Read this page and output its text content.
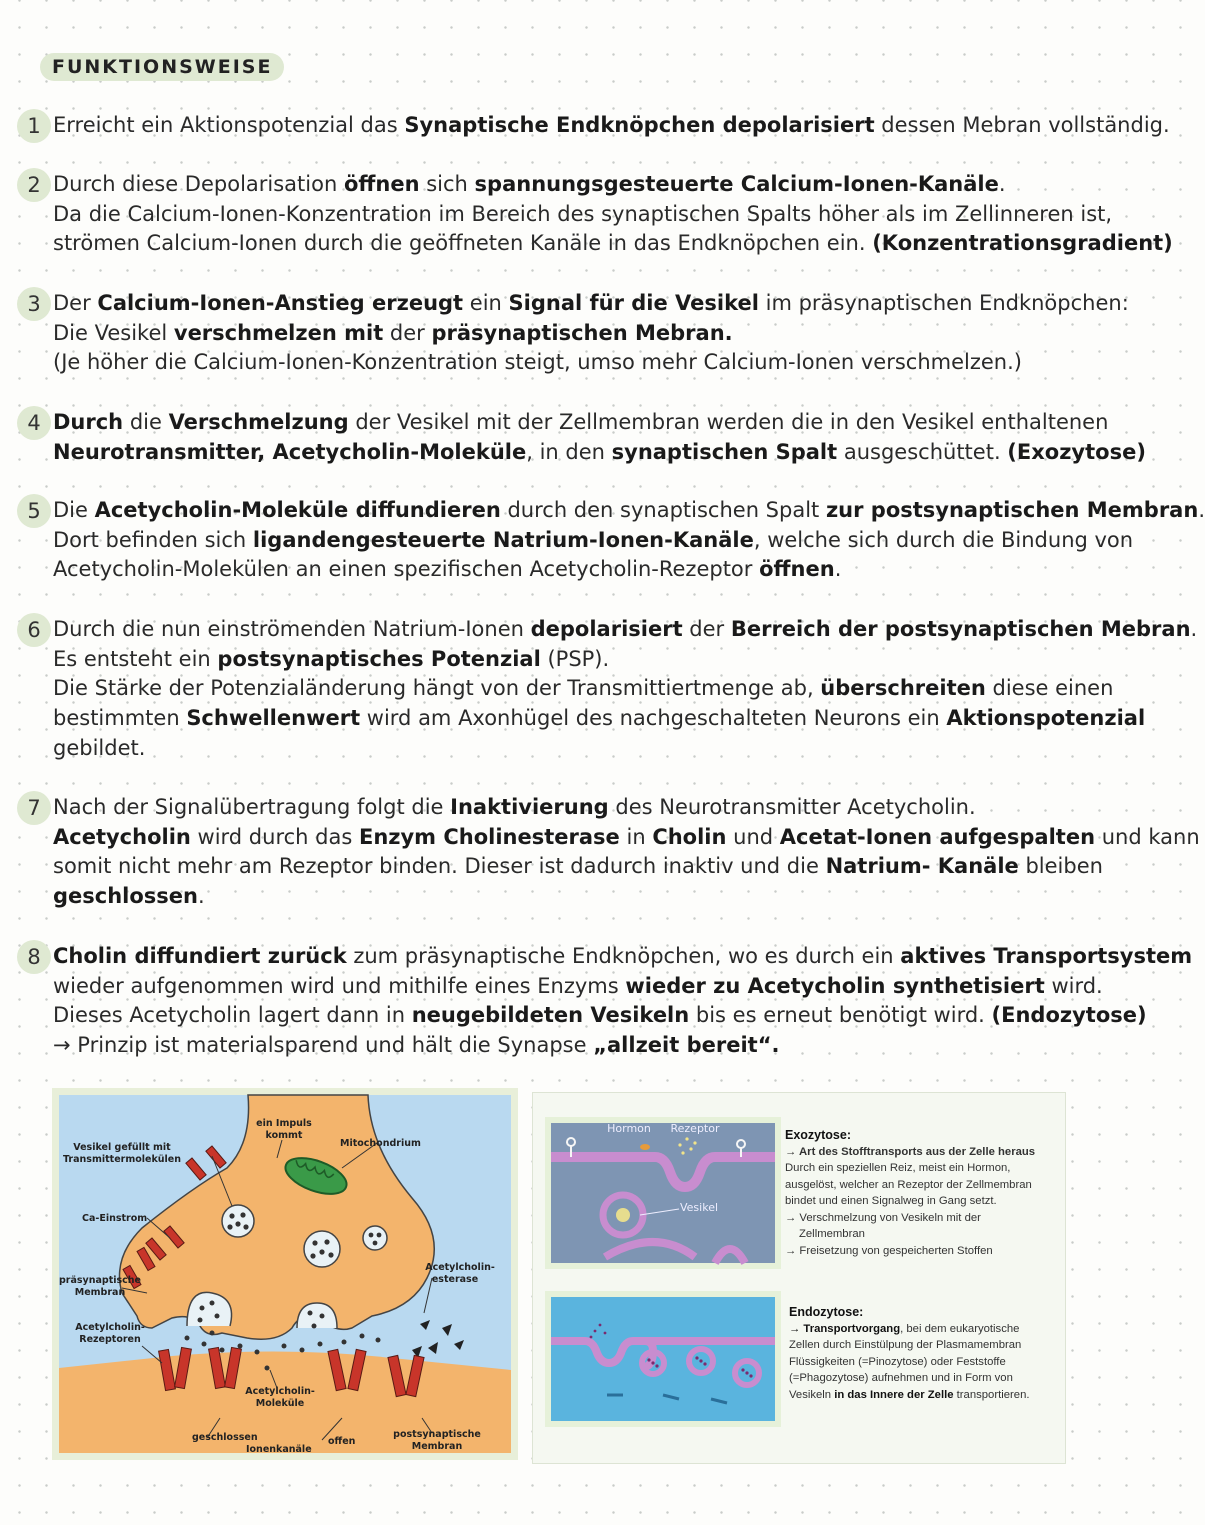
FUNKTIONSWEISE
1 Erreicht ein Aktionspotenzial das Synaptische Endknöpchen depolarisiert dessen Mebran vollständig.
2 Durch diese Depolarisation öffnen sich spannungsgesteuerte Calcium-Ionen-Kanäle.
Da die Calcium-Ionen-Konzentration im Bereich des synaptischen Spalts höher als im Zellinneren ist,
strömen Calcium-Ionen durch die geöffneten Kanäle in das Endknöpchen ein. (Konzentrationsgradient)
3 Der Calcium-Ionen-Anstieg erzeugt ein Signal für die Vesikel im präsynaptischen Endknöpchen:
Die Vesikel verschmelzen mit der präsynaptischen Mebran.
(Je höher die Calcium-Ionen-Konzentration steigt, umso mehr Calcium-Ionen verschmelzen.)
4 Durch die Verschmelzung der Vesikel mit der Zellmembran werden die in den Vesikel enthaltenen
Neurotransmitter, Acetycholin-Moleküle, in den synaptischen Spalt ausgeschüttet. (Exozytose)
5 Die Acetycholin-Moleküle diffundieren durch den synaptischen Spalt zur postsynaptischen Membran.
Dort befinden sich ligandengesteuerte Natrium-Ionen-Kanäle, welche sich durch die Bindung von
Acetycholin-Molekülen an einen spezifischen Acetycholin-Rezeptor öffnen.
6 Durch die nun einströmenden Natrium-Ionen depolarisiert der Berreich der postsynaptischen Mebran.
Es entsteht ein postsynaptisches Potenzial (PSP).
Die Stärke der Potenzialänderung hängt von der Transmittiertmenge ab, überschreiten diese einen
bestimmten Schwellenwert wird am Axonhügel des nachgeschalteten Neurons ein Aktionspotenzial
gebildet.
7 Nach der Signalübertragung folgt die Inaktivierung des Neurotransmitter Acetycholin.
Acetycholin wird durch das Enzym Cholinesterase in Cholin und Acetat-Ionen aufgespalten und kann
somit nicht mehr am Rezeptor binden. Dieser ist dadurch inaktiv und die Natrium- Kanäle bleiben
geschlossen.
8 Cholin diffundiert zurück zum präsynaptische Endknöpchen, wo es durch ein aktives Transportsystem
wieder aufgenommen wird und mithilfe eines Enzyms wieder zu Acetycholin synthetisiert wird.
Dieses Acetycholin lagert dann in neugebildeten Vesikeln bis es erneut benötigt wird. (Endozytose)
→ Prinzip ist materialsparend und hält die Synapse „allzeit bereit“.
ein Impuls kommt
Vesikel gefüllt mit Transmittermolekülen
Mitochondrium
Ca-Einstrom
präsynaptische Membran
Acetylcholin-esterase
Acetylcholin-Rezeptoren
Acetylcholin-Moleküle
geschlossen
Ionenkanäle
offen
postsynaptische Membran
Hormon Rezeptor
Vesikel
Exozytose:
→ Art des Stofftransports aus der Zelle heraus
Durch ein speziellen Reiz, meist ein Hormon,
ausgelöst, welcher an Rezeptor der Zellmembran
bindet und einen Signalweg in Gang setzt.
→ Verschmelzung von Vesikeln mit der
Zellmembran
→ Freisetzung von gespeicherten Stoffen
Endozytose:
→ Transportvorgang, bei dem eukaryotische
Zellen durch Einstülpung der Plasmamembran
Flüssigkeiten (=Pinozytose) oder Feststoffe
(=Phagozytose) aufnehmen und in Form von
Vesikeln in das Innere der Zelle transportieren.
